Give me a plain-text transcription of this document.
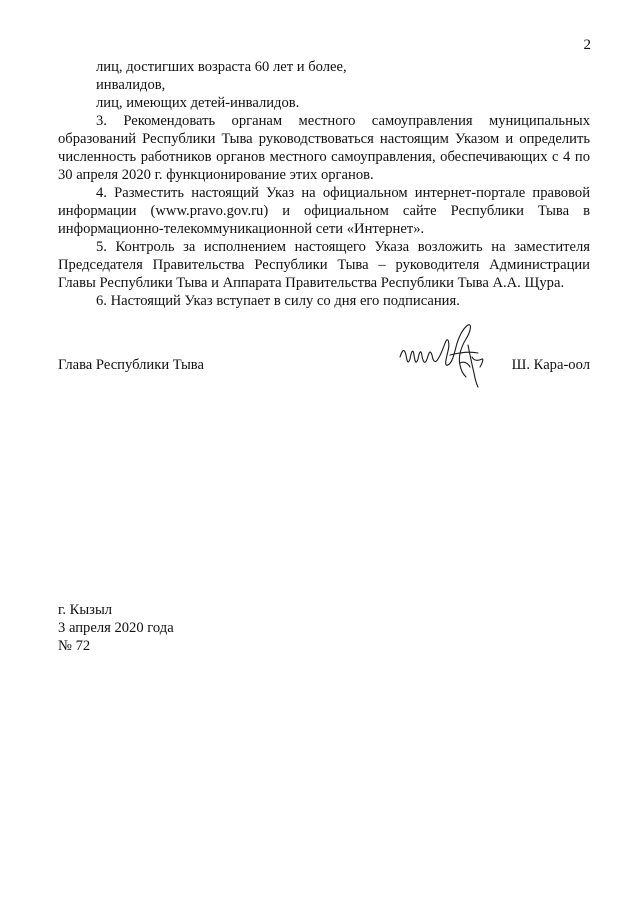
2
лиц, достигших возраста 60 лет и более,
инвалидов,
лиц, имеющих детей-инвалидов.

3. Рекомендовать органам местного самоуправления муниципальных образований Республики Тыва руководствоваться настоящим Указом и определить численность работников органов местного самоуправления, обеспечивающих с 4 по 30 апреля 2020 г. функционирование этих органов.

4. Разместить настоящий Указ на официальном интернет-портале правовой информации (www.pravo.gov.ru) и официальном сайте Республики Тыва в информационно-телекоммуникационной сети «Интернет».

5. Контроль за исполнением настоящего Указа возложить на заместителя Председателя Правительства Республики Тыва – руководителя Администрации Главы Республики Тыва и Аппарата Правительства Республики Тыва А.А. Щура.

6. Настоящий Указ вступает в силу со дня его подписания.

Глава Республики Тыва	Ш. Кара-оол
г. Кызыл
3 апреля 2020 года
№ 72
